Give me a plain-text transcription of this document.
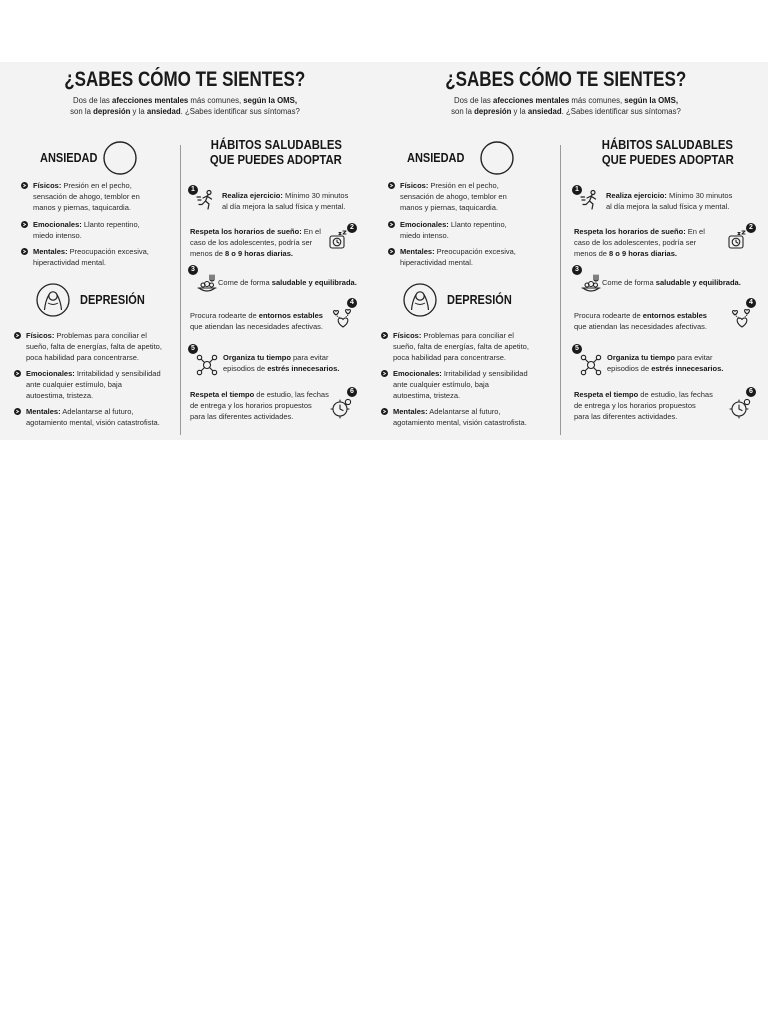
¿SABES CÓMO TE SIENTES?
Dos de las afecciones mentales más comunes, según la OMS,
son la depresión y la ansiedad. ¿Sabes identificar sus síntomas?
ANSIEDAD
Físicos: Presión en el pecho,
sensación de ahogo, temblor en
manos y piernas, taquicardia.
Emocionales: Llanto repentino,
miedo intenso.
Mentales: Preocupación excesiva,
hiperactividad mental.
DEPRESIÓN
Físicos: Problemas para conciliar el
sueño, falta de energías, falta de apetito,
poca habilidad para concentrarse.
Emocionales: Irritabilidad y sensibilidad
ante cualquier estímulo, baja
autoestima, tristeza.
Mentales: Adelantarse al futuro,
agotamiento mental, visión catastrofista.
HÁBITOS SALUDABLES
QUE PUEDES ADOPTAR
1
Realiza ejercicio: Mínimo 30 minutos
al día mejora la salud física y mental.
Respeta los horarios de sueño: En el
caso de los adolescentes, podría ser
menos de 8 o 9 horas diarias.
2
3
Come de forma saludable y equilibrada.
Procura rodearte de entornos estables
que atiendan las necesidades afectivas.
4
5
Organiza tu tiempo para evitar
episodios de estrés innecesarios.
Respeta el tiempo de estudio, las fechas
de entrega y los horarios propuestos
para las diferentes actividades.
6
¿SABES CÓMO TE SIENTES?
Dos de las afecciones mentales más comunes, según la OMS,
son la depresión y la ansiedad. ¿Sabes identificar sus síntomas?
ANSIEDAD
Físicos: Presión en el pecho,
sensación de ahogo, temblor en
manos y piernas, taquicardia.
Emocionales: Llanto repentino,
miedo intenso.
Mentales: Preocupación excesiva,
hiperactividad mental.
DEPRESIÓN
Físicos: Problemas para conciliar el
sueño, falta de energías, falta de apetito,
poca habilidad para concentrarse.
Emocionales: Irritabilidad y sensibilidad
ante cualquier estímulo, baja
autoestima, tristeza.
Mentales: Adelantarse al futuro,
agotamiento mental, visión catastrofista.
HÁBITOS SALUDABLES
QUE PUEDES ADOPTAR
1
Realiza ejercicio: Mínimo 30 minutos
al día mejora la salud física y mental.
Respeta los horarios de sueño: En el
caso de los adolescentes, podría ser
menos de 8 o 9 horas diarias.
2
3
Come de forma saludable y equilibrada.
Procura rodearte de entornos estables
que atiendan las necesidades afectivas.
4
5
Organiza tu tiempo para evitar
episodios de estrés innecesarios.
Respeta el tiempo de estudio, las fechas
de entrega y los horarios propuestos
para las diferentes actividades.
6
